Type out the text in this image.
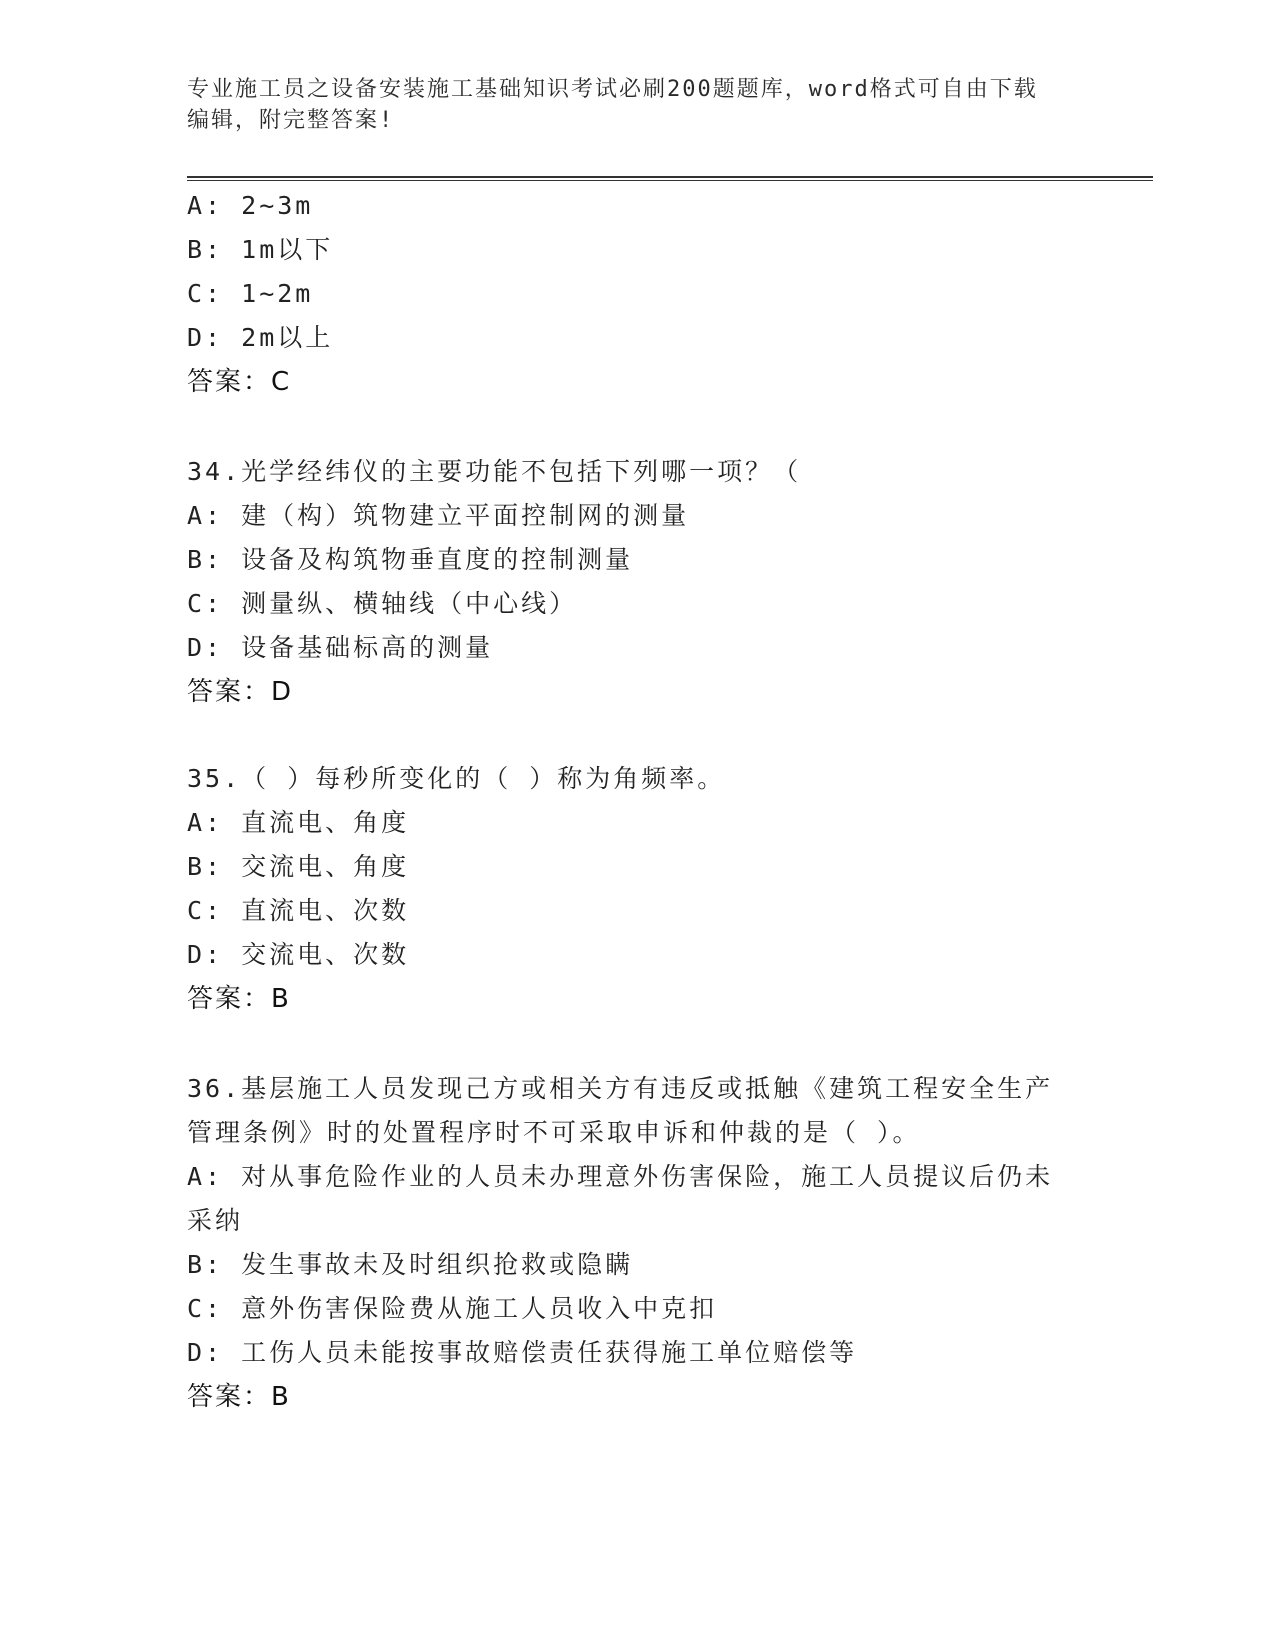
专业施工员之设备安装施工基础知识考试必刷200题题库，word格式可自由下载
编辑，附完整答案!
A: 2~3m
B: 1m以下
C: 1~2m
D: 2m以上
答案：C
34.光学经纬仪的主要功能不包括下列哪一项？（
A: 建（构）筑物建立平面控制网的测量
B: 设备及构筑物垂直度的控制测量
C: 测量纵、横轴线（中心线）
D: 设备基础标高的测量
答案：D
35.（ ）每秒所变化的（ ）称为角频率。
A: 直流电、角度
B: 交流电、角度
C: 直流电、次数
D: 交流电、次数
答案：B
36.基层施工人员发现己方或相关方有违反或抵触《建筑工程安全生产
管理条例》时的处置程序时不可采取申诉和仲裁的是（ ）。
A: 对从事危险作业的人员未办理意外伤害保险，施工人员提议后仍未
采纳
B: 发生事故未及时组织抢救或隐瞒
C: 意外伤害保险费从施工人员收入中克扣
D: 工伤人员未能按事故赔偿责任获得施工单位赔偿等
答案：B
